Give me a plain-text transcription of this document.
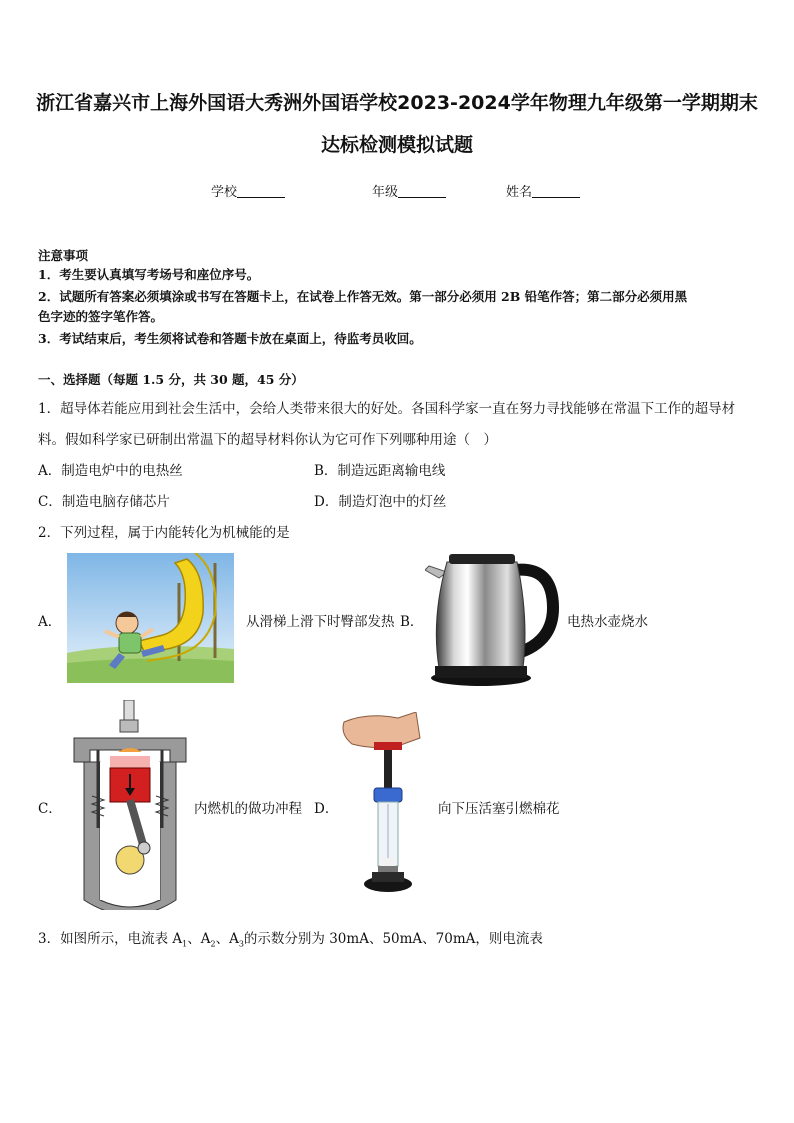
浙江省嘉兴市上海外国语大秀洲外国语学校2023-2024学年物理九年级第一学期期末
达标检测模拟试题
学校	年级	姓名
注意事项
1．考生要认真填写考场号和座位序号。
2．试题所有答案必须填涂或书写在答题卡上，在试卷上作答无效。第一部分必须用 2B 铅笔作答；第二部分必须用黑
色字迹的签字笔作答。
3．考试结束后，考生须将试卷和答题卡放在桌面上，待监考员收回。
一、选择题（每题 1.5 分，共 30 题，45 分）
1．超导体若能应用到社会生活中，会给人类带来很大的好处。各国科学家一直在努力寻找能够在常温下工作的超导材
料。假如科学家已研制出常温下的超导材料你认为它可作下列哪种用途（　）
A．制造电炉中的电热丝	B．制造远距离输电线
C．制造电脑存储芯片	D．制造灯泡中的灯丝
2．下列过程，属于内能转化为机械能的是
A．	从滑梯上滑下时臀部发热 B．	电热水壶烧水
C．	内燃机的做功冲程 D．	向下压活塞引燃棉花
3．如图所示，电流表 $A_1$、$A_2$、$A_3$的示数分别为 30mA、50mA、70mA，则电流表
